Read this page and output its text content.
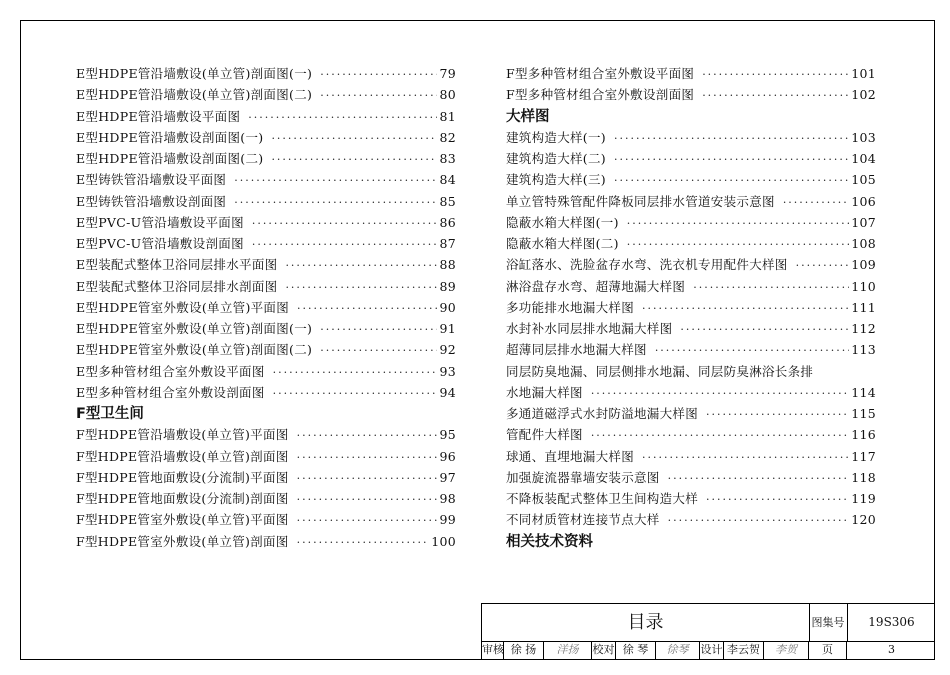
E型HDPE管沿墙敷设(单立管)剖面图(一) ·····	79
E型HDPE管沿墙敷设(单立管)剖面图(二) ·····	80
E型HDPE管沿墙敷设平面图 ·····	81
E型HDPE管沿墙敷设剖面图(一) ·····	82
E型HDPE管沿墙敷设剖面图(二) ·····	83
E型铸铁管沿墙敷设平面图 ·····	84
E型铸铁管沿墙敷设剖面图 ·····	85
E型PVC-U管沿墙敷设平面图 ·····	86
E型PVC-U管沿墙敷设剖面图 ·····	87
E型装配式整体卫浴同层排水平面图 ·····	88
E型装配式整体卫浴同层排水剖面图 ·····	89
E型HDPE管室外敷设(单立管)平面图 ·····	90
E型HDPE管室外敷设(单立管)剖面图(一) ·····	91
E型HDPE管室外敷设(单立管)剖面图(二) ·····	92
E型多种管材组合室外敷设平面图 ·····	93
E型多种管材组合室外敷设剖面图 ·····	94
F型卫生间
F型HDPE管沿墙敷设(单立管)平面图 ·····	95
F型HDPE管沿墙敷设(单立管)剖面图 ·····	96
F型HDPE管地面敷设(分流制)平面图 ·····	97
F型HDPE管地面敷设(分流制)剖面图 ·····	98
F型HDPE管室外敷设(单立管)平面图 ·····	99
F型HDPE管室外敷设(单立管)剖面图 ·····	100
F型多种管材组合室外敷设平面图 ·····	101
F型多种管材组合室外敷设剖面图 ·····	102
大样图
建筑构造大样(一) ·····	103
建筑构造大样(二) ·····	104
建筑构造大样(三) ·····	105
单立管特殊管配件降板同层排水管道安装示意图 ·····	106
隐蔽水箱大样图(一) ·····	107
隐蔽水箱大样图(二) ·····	108
浴缸落水、洗脸盆存水弯、洗衣机专用配件大样图 ·····	109
淋浴盘存水弯、超薄地漏大样图 ·····	110
多功能排水地漏大样图 ·····	111
水封补水同层排水地漏大样图 ·····	112
超薄同层排水地漏大样图 ·····	113
同层防臭地漏、同层侧排水地漏、同层防臭淋浴长条排
水地漏大样图 ·····	114
多通道磁浮式水封防溢地漏大样图 ·····	115
管配件大样图 ·····	116
球通、直埋地漏大样图 ·····	117
加强旋流器靠墙安装示意图 ·····	118
不降板装配式整体卫生间构造大样 ·····	119
不同材质管材连接节点大样 ·····	120
相关技术资料
目录	图集号	19S306
审核 徐 扬	洋扬	校对 徐 琴	徐琴	设计 李云贺	李贺	页	3
